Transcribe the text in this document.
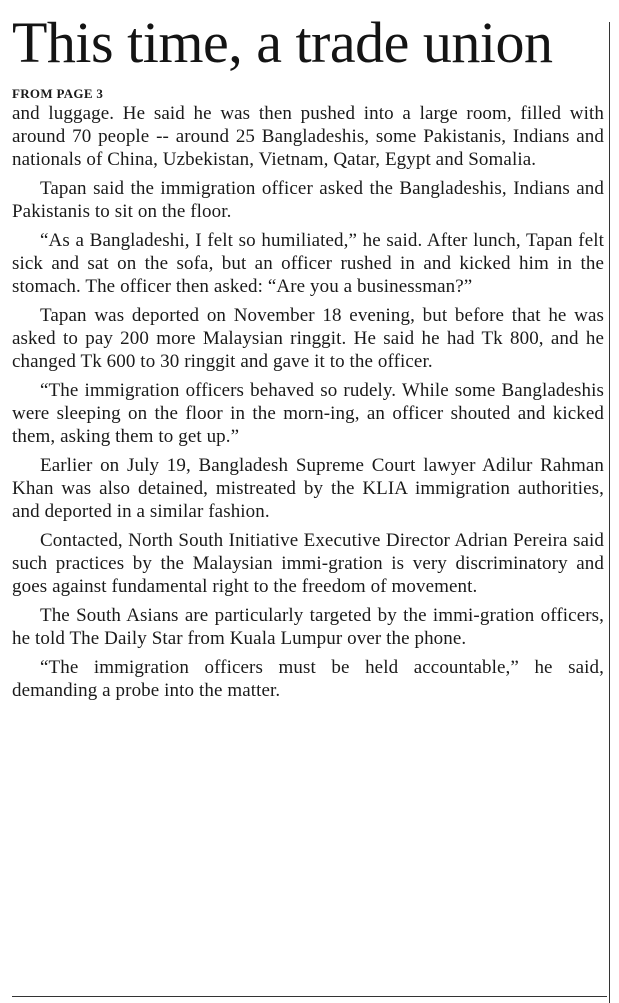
This time, a trade union
FROM PAGE 3

and luggage. He said he was then pushed into a large room, filled with around 70 people -- around 25 Bangladeshis, some Pakistanis, Indians and nationals of China, Uzbekistan, Vietnam, Qatar, Egypt and Somalia.

Tapan said the immigration officer asked the Bangladeshis, Indians and Pakistanis to sit on the floor.

“As a Bangladeshi, I felt so humiliated,” he said. After lunch, Tapan felt sick and sat on the sofa, but an officer rushed in and kicked him in the stomach. The officer then asked: “Are you a businessman?”

Tapan was deported on November 18 evening, but before that he was asked to pay 200 more Malaysian ringgit. He said he had Tk 800, and he changed Tk 600 to 30 ringgit and gave it to the officer.

“The immigration officers behaved so rudely. While some Bangladeshis were sleeping on the floor in the morn-ing, an officer shouted and kicked them, asking them to get up.”

Earlier on July 19, Bangladesh Supreme Court lawyer Adilur Rahman Khan was also detained, mistreated by the KLIA immigration authorities, and deported in a similar fashion.

Contacted, North South Initiative Executive Director Adrian Pereira said such practices by the Malaysian immi-gration is very discriminatory and goes against fundamental right to the freedom of movement.

The South Asians are particularly targeted by the immi-gration officers, he told The Daily Star from Kuala Lumpur over the phone.

“The immigration officers must be held accountable,” he said, demanding a probe into the matter.
